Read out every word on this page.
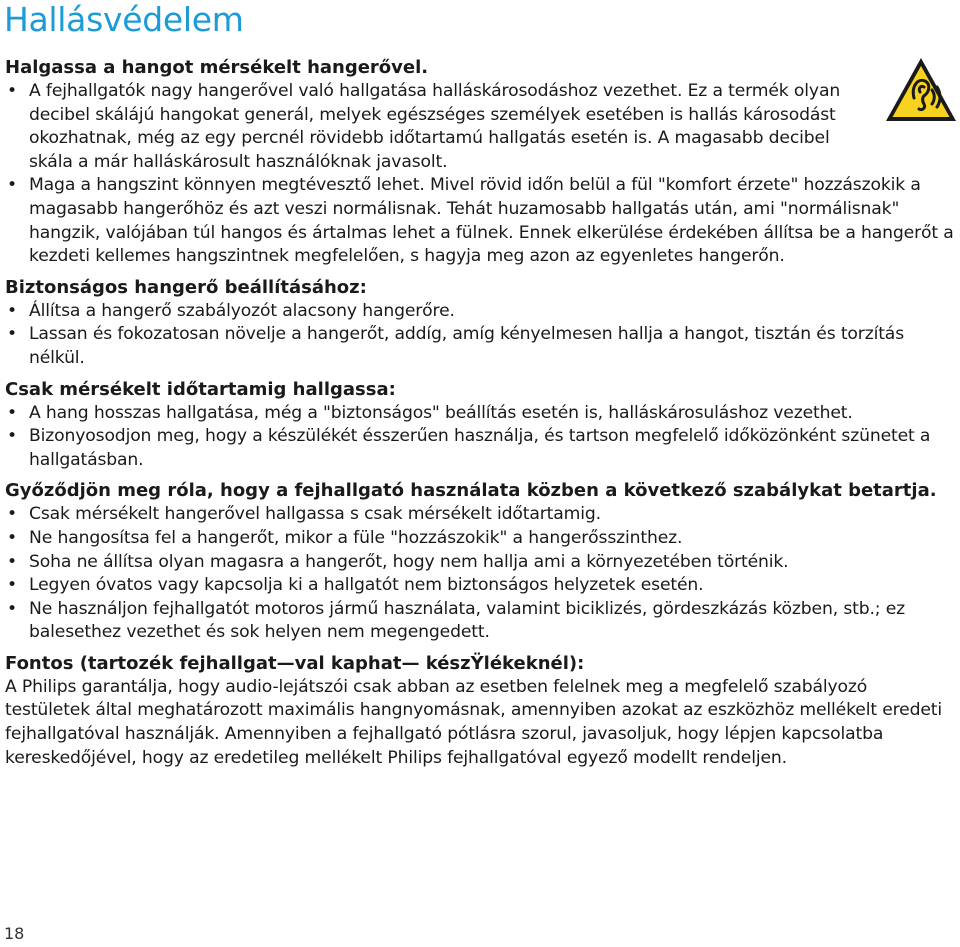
Hallásvédelem
Halgassa a hangot mérsékelt hangerővel.
• A fejhallgatók nagy hangerővel való hallgatása halláskárosodáshoz vezethet. Ez a termék olyan decibel skálájú hangokat generál, melyek egészséges személyek esetében is hallás károsodást okozhatnak, még az egy percnél rövidebb időtartamú hallgatás esetén is. A magasabb decibel skála a már halláskárosult használóknak javasolt.
• Maga a hangszint könnyen megtévesztő lehet. Mivel rövid időn belül a fül "komfort érzete" hozzászokik a magasabb hangerőhöz és azt veszi normálisnak. Tehát huzamosabb hallgatás után, ami "normálisnak" hangzik, valójában túl hangos és ártalmas lehet a fülnek. Ennek elkerülése érdekében állítsa be a hangerőt a kezdeti kellemes hangszintnek megfelelően, s hagyja meg azon az egyenletes hangerőn.
Biztonságos hangerő beállításához:
• Állítsa a hangerő szabályozót alacsony hangerőre.
• Lassan és fokozatosan növelje a hangerőt, addíg, amíg kényelmesen hallja a hangot, tisztán és torzítás nélkül.
Csak mérsékelt időtartamig hallgassa:
• A hang hosszas hallgatása, még a "biztonságos" beállítás esetén is, halláskárosuláshoz vezethet.
• Bizonyosodjon meg, hogy a készülékét ésszerűen használja, és tartson megfelelő időközönként szünetet a hallgatásban.
Győződjön meg róla, hogy a fejhallgató használata közben a következő szabálykat betartja.
• Csak mérsékelt hangerővel hallgassa s csak mérsékelt időtartamig.
• Ne hangosítsa fel a hangerőt, mikor a füle "hozzászokik" a hangerősszinthez.
• Soha ne állítsa olyan magasra a hangerőt, hogy nem hallja ami a környezetében történik.
• Legyen óvatos vagy kapcsolja ki a hallgatót nem biztonságos helyzetek esetén.
• Ne használjon fejhallgatót motoros jármű használata, valamint biciklizés, gördeszkázás közben, stb.; ez balesethez vezethet és sok helyen nem megengedett.
Fontos (tartozék fejhallgat—val kaphat— készŸlékeknél):

A Philips garantálja, hogy audio-lejátszói csak abban az esetben felelnek meg a megfelelő szabályozó testületek által meghatározott maximális hangnyomásnak, amennyiben azokat az eszközhöz mellékelt eredeti fejhallgatóval használják. Amennyiben a fejhallgató pótlásra szorul, javasoljuk, hogy lépjen kapcsolatba kereskedőjével, hogy az eredetileg mellékelt Philips fejhallgatóval egyező modellt rendeljen.

18
